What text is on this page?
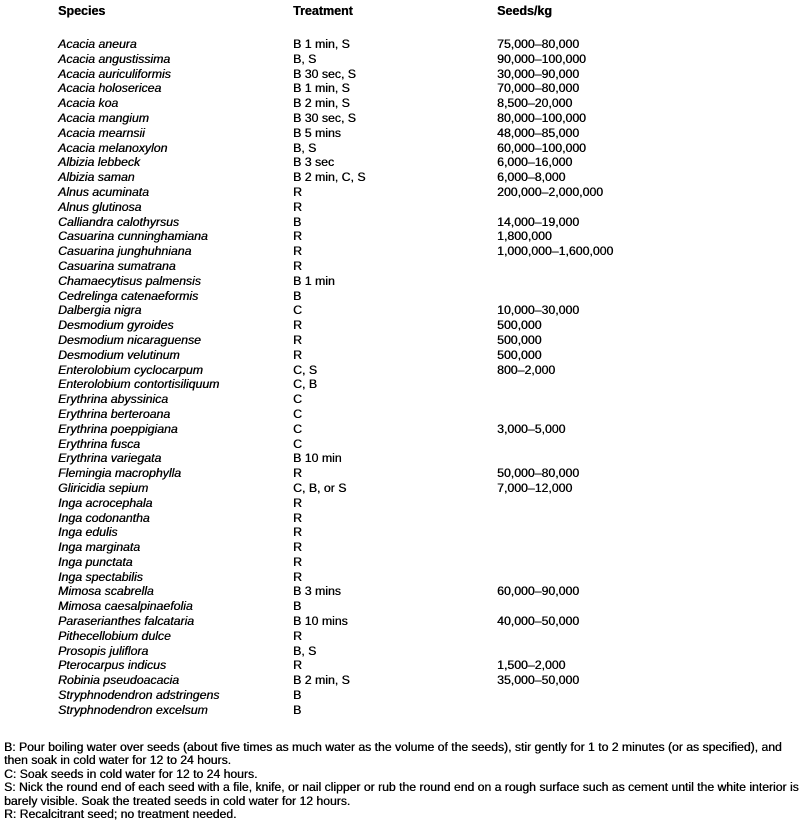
Species	Treatment	Seeds/kg
Acacia aneura	B 1 min, S	75,000–80,000
Acacia angustissima	B, S	90,000–100,000
Acacia auriculiformis	B 30 sec, S	30,000–90,000
Acacia holosericea	B 1 min, S	70,000–80,000
Acacia koa	B 2 min, S	8,500–20,000
Acacia mangium	B 30 sec, S	80,000–100,000
Acacia mearnsii	B 5 mins	48,000–85,000
Acacia melanoxylon	B, S	60,000–100,000
Albizia lebbeck	B 3 sec	6,000–16,000
Albizia saman	B 2 min, C, S	6,000–8,000
Alnus acuminata	R	200,000–2,000,000
Alnus glutinosa	R
Calliandra calothyrsus	B	14,000–19,000
Casuarina cunninghamiana	R	1,800,000
Casuarina junghuhniana	R	1,000,000–1,600,000
Casuarina sumatrana	R
Chamaecytisus palmensis	B 1 min
Cedrelinga catenaeformis	B
Dalbergia nigra	C	10,000–30,000
Desmodium gyroides	R	500,000
Desmodium nicaraguense	R	500,000
Desmodium velutinum	R	500,000
Enterolobium cyclocarpum	C, S	800–2,000
Enterolobium contortisiliquum	C, B
Erythrina abyssinica	C
Erythrina berteroana	C
Erythrina poeppigiana	C	3,000–5,000
Erythrina fusca	C
Erythrina variegata	B 10 min
Flemingia macrophylla	R	50,000–80,000
Gliricidia sepium	C, B, or S	7,000–12,000
Inga acrocephala	R
Inga codonantha	R
Inga edulis	R
Inga marginata	R
Inga punctata	R
Inga spectabilis	R
Mimosa scabrella	B 3 mins	60,000–90,000
Mimosa caesalpinaefolia	B
Paraserianthes falcataria	B 10 mins	40,000–50,000
Pithecellobium dulce	R
Prosopis juliflora	B, S
Pterocarpus indicus	R	1,500–2,000
Robinia pseudoacacia	B 2 min, S	35,000–50,000
Stryphnodendron adstringens	B
Stryphnodendron excelsum	B

B: Pour boiling water over seeds (about five times as much water as the volume of the seeds), stir gently for 1 to 2 minutes (or as specified), and then soak in cold water for 12 to 24 hours.

C: Soak seeds in cold water for 12 to 24 hours.

S: Nick the round end of each seed with a file, knife, or nail clipper or rub the round end on a rough surface such as cement until the white interior is barely visible. Soak the treated seeds in cold water for 12 hours.

R: Recalcitrant seed; no treatment needed.
